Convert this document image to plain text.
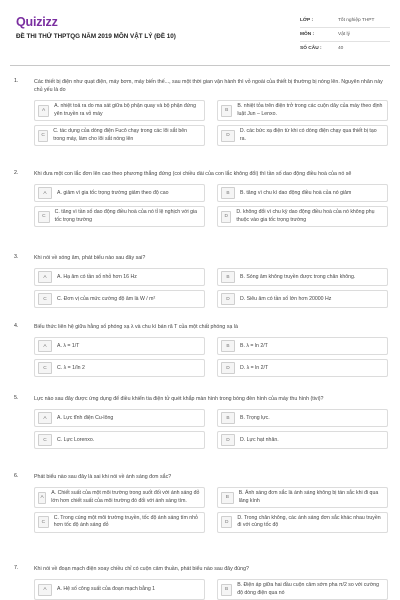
Quizizz
ĐỀ THI THỬ THPTQG NĂM 2019 MÔN VẬT LÝ (ĐỀ 10)
LỚP :	Tốt nghiệp THPT
MÔN :	Vật lý
SỐ CÂU :	40
1.	Các thiết bị điện như quạt điện, máy bơm, máy biến thế..., sau một thời gian vận hành thì vỏ ngoài của thiết bị thường bị nóng lên. Nguyên nhân này chủ yếu là do
A
A. nhiệt toả ra do ma sát giữa bộ phận quay và bộ phận đứng yên truyền ra vỏ máy	B
B. nhiệt tỏa trên điện trở trong các cuộn dây của máy theo định luật Jun – Lenxo.
C
C. tác dụng của dòng điện Fucô chạy trong các lõi sắt bên trong máy, làm cho lõi sắt nóng lên	D
D. các bức xạ điện từ khi có dòng điện chạy qua thiết bị tạo ra.
2.	Khi đưa một con lắc đơn lên cao theo phương thẳng đứng (coi chiều dài của con lắc không đổi) thì tần số dao động điều hoà của nó sẽ
A	A. giảm vì gia tốc trọng trường giảm theo độ cao	B	B. tăng vì chu kì dao động điều hoà của nó giảm
C
C. tăng vì tần số dao động điều hoà của nó tỉ lệ nghịch với gia tốc trọng trường	D
D. không đổi vì chu kỳ dao động điều hoà của nó không phụ thuộc vào gia tốc trọng trường
3.	Khi nói về sóng âm, phát biểu nào sau đây sai?
A	A. Hạ âm có tần số nhỏ hơn 16 Hz	B	B. Sóng âm không truyền được trong chân không.
C	C. Đơn vị của mức cường độ âm là W / m²	D	D. Siêu âm có tần số lớn hơn 20000 Hz
4.	Biểu thức liên hệ giữa hằng số phóng xạ λ và chu kì bán rã T của một chất phóng xạ là
A	A. λ = 1/T	B	B. λ = ln 2/T
C	C. λ = 1/ln 2	D	D. λ = ln 2/T
5.	Lực nào sau đây được ứng dụng để điều khiển tia điện tử quét khắp màn hình trong bóng đèn hình của máy thu hình (tivi)?
A	A. Lực tĩnh điện Cu-lông	B	B. Trọng lực.
C	C. Lực Lorenxo.	D	D. Lực hạt nhân.
6.	Phát biểu nào sau đây là sai khi nói về ánh sáng đơn sắc?
A
A. Chiết suất của một môi trường trong suốt đối với ánh sáng đỏ lớn hơn chiết suất của môi trường đó đối với ánh sáng tím.	B
B. Ánh sáng đơn sắc là ánh sáng không bị tán sắc khi đi qua lăng kính
C
C. Trong cùng một môi trường truyền, tốc độ ánh sáng tím nhỏ hơn tốc độ ánh sáng đỏ	D
D. Trong chân không, các ánh sáng đơn sắc khác nhau truyền đi với cùng tốc độ
7.	Khi nói về đoạn mạch điện xoay chiều chỉ có cuộn cảm thuần, phát biểu nào sau đây đúng?
A	A. Hệ số công suất của đoạn mạch bằng 1	B
B. Điện áp giữa hai đầu cuộn cảm sớm pha π/2 so với cường độ dòng điện qua nó
